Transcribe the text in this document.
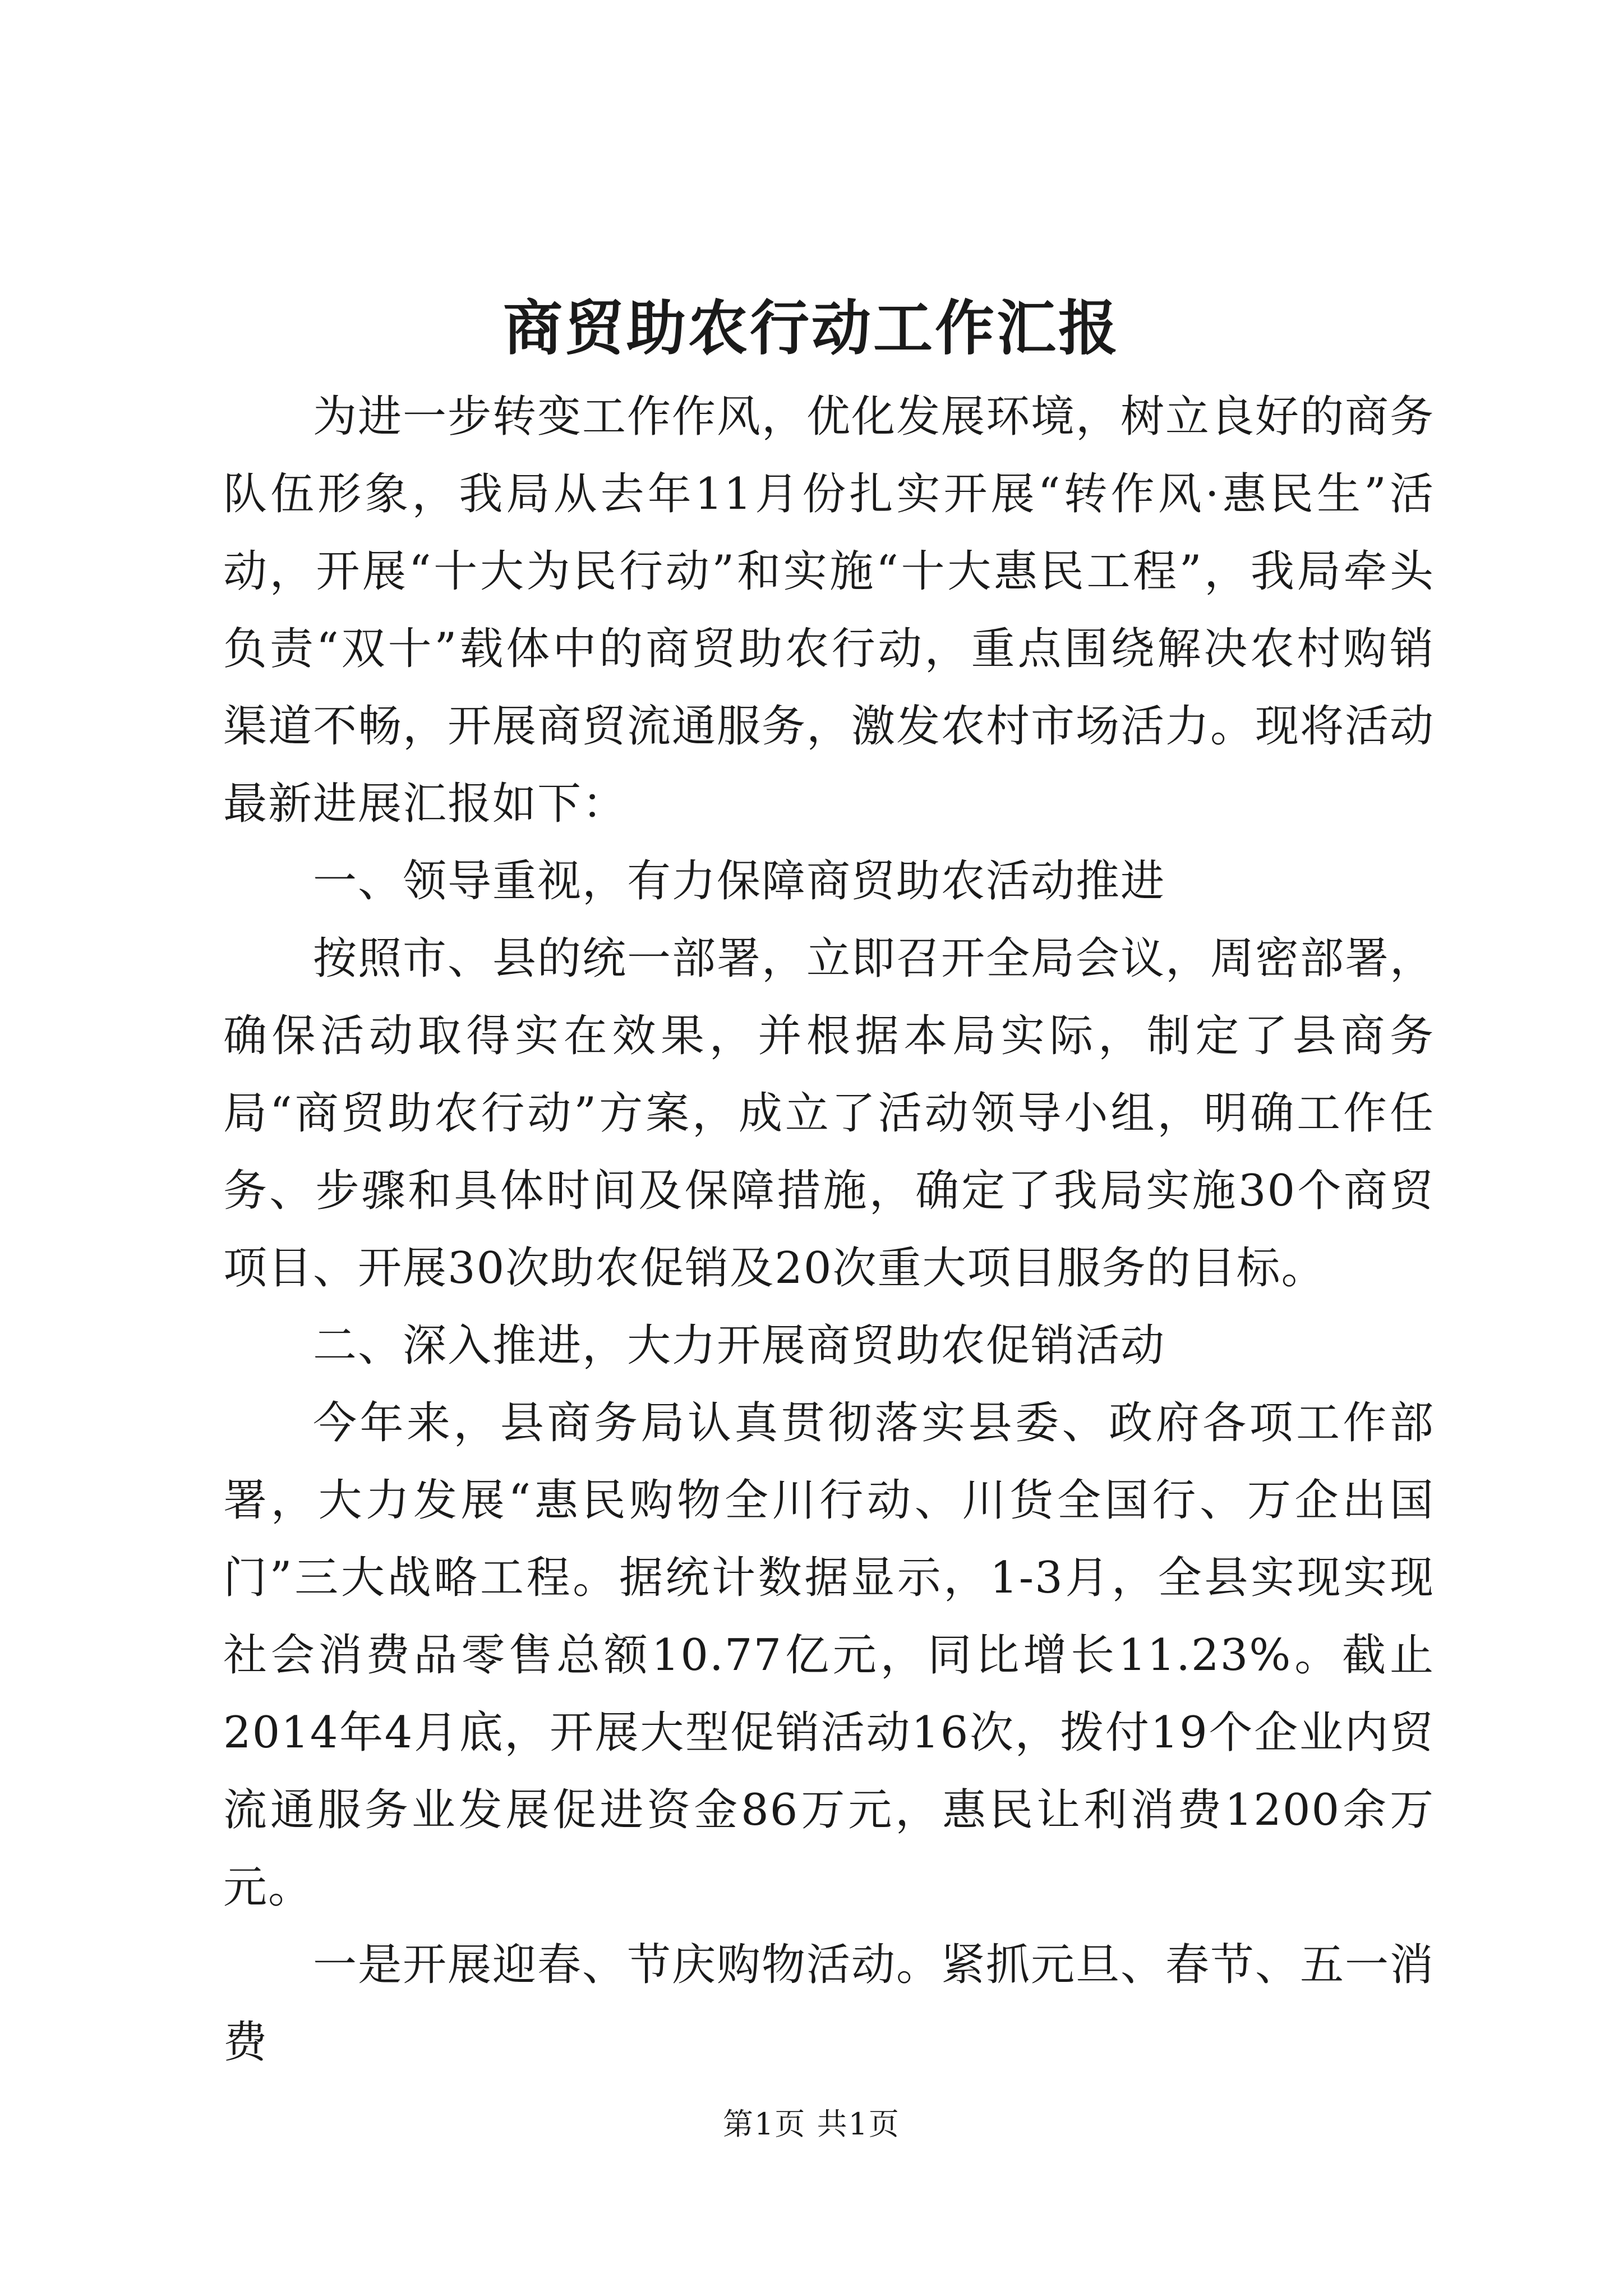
商贸助农行动工作汇报

为进一步转变工作作风，优化发展环境，树立良好的商务队伍形象，我局从去年11月份扎实开展“转作风·惠民生”活动，开展“十大为民行动”和实施“十大惠民工程”，我局牵头负责“双十”载体中的商贸助农行动，重点围绕解决农村购销渠道不畅，开展商贸流通服务，激发农村市场活力。现将活动最新进展汇报如下：

一、领导重视，有力保障商贸助农活动推进

按照市、县的统一部署，立即召开全局会议，周密部署，确保活动取得实在效果，并根据本局实际，制定了县商务局“商贸助农行动”方案，成立了活动领导小组，明确工作任务、步骤和具体时间及保障措施，确定了我局实施30个商贸项目、开展30次助农促销及20次重大项目服务的目标。

二、深入推进，大力开展商贸助农促销活动

今年来，县商务局认真贯彻落实县委、政府各项工作部署，大力发展“惠民购物全川行动、川货全国行、万企出国门”三大战略工程。据统计数据显示，1-3月，全县实现实现社会消费品零售总额10.77亿元，同比增长11.23%。截止2014年4月底，开展大型促销活动16次，拨付19个企业内贸流通服务业发展促进资金86万元，惠民让利消费1200余万元。

一是开展迎春、节庆购物活动。紧抓元旦、春节、五一消费

第1页 共1页
